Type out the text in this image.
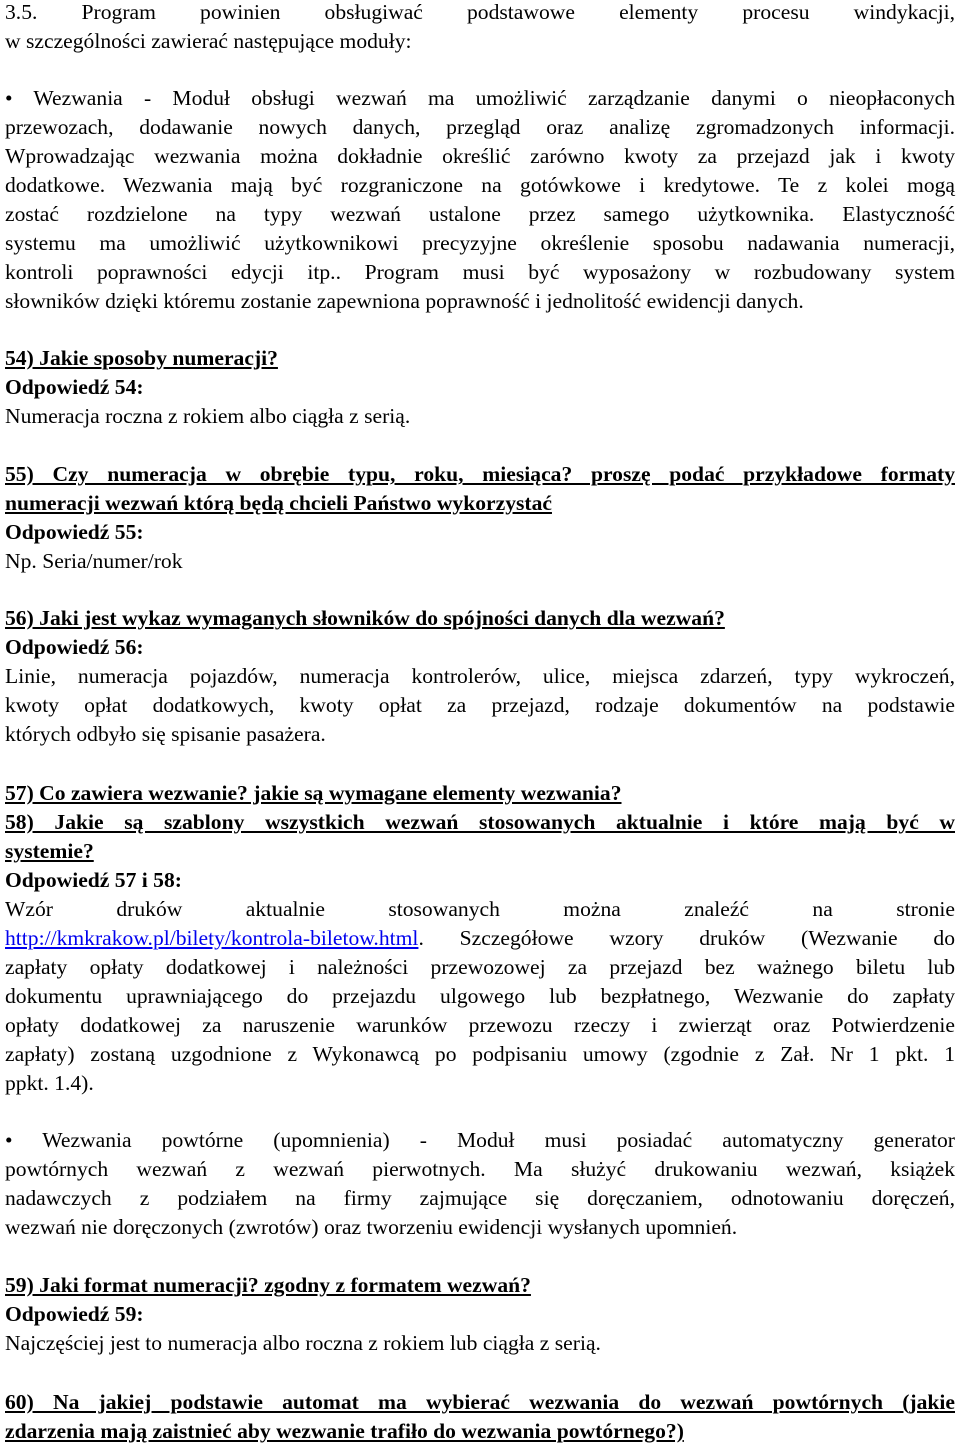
3.5. Program powinien obsługiwać podstawowe elementy procesu windykacji,
w szczególności zawierać następujące moduły:
• Wezwania - Moduł obsługi wezwań ma umożliwić zarządzanie danymi o nieopłaconych
przewozach, dodawanie nowych danych, przegląd oraz analizę zgromadzonych informacji.
Wprowadzając wezwania można dokładnie określić zarówno kwoty za przejazd jak i kwoty
dodatkowe. Wezwania mają być rozgraniczone na gotówkowe i kredytowe. Te z kolei mogą
zostać rozdzielone na typy wezwań ustalone przez samego użytkownika. Elastyczność
systemu ma umożliwić użytkownikowi precyzyjne określenie sposobu nadawania numeracji,
kontroli poprawności edycji itp.. Program musi być wyposażony w rozbudowany system
słowników dzięki któremu zostanie zapewniona poprawność i jednolitość ewidencji danych.
54) Jakie sposoby numeracji?
Odpowiedź 54:
Numeracja roczna z rokiem albo ciągła z serią.
55) Czy numeracja w obrębie typu, roku, miesiąca? proszę podać przykładowe formaty
numeracji wezwań którą będą chcieli Państwo wykorzystać
Odpowiedź 55:
Np. Seria/numer/rok
56) Jaki jest wykaz wymaganych słowników do spójności danych dla wezwań?
Odpowiedź 56:
Linie, numeracja pojazdów, numeracja kontrolerów, ulice, miejsca zdarzeń, typy wykroczeń,
kwoty opłat dodatkowych, kwoty opłat za przejazd, rodzaje dokumentów na podstawie
których odbyło się spisanie pasażera.
57) Co zawiera wezwanie? jakie są wymagane elementy wezwania?
58) Jakie są szablony wszystkich wezwań stosowanych aktualnie i które mają być w
systemie?
Odpowiedź 57 i 58:
Wzór druków aktualnie stosowanych można znaleźć na stronie
http://kmkrakow.pl/bilety/kontrola-biletow.html. Szczegółowe wzory druków (Wezwanie do
zapłaty opłaty dodatkowej i należności przewozowej za przejazd bez ważnego biletu lub
dokumentu uprawniającego do przejazdu ulgowego lub bezpłatnego, Wezwanie do zapłaty
opłaty dodatkowej za naruszenie warunków przewozu rzeczy i zwierząt oraz Potwierdzenie
zapłaty) zostaną uzgodnione z Wykonawcą po podpisaniu umowy (zgodnie z Zał. Nr 1 pkt. 1
ppkt. 1.4).
• Wezwania powtórne (upomnienia) - Moduł musi posiadać automatyczny generator
powtórnych wezwań z wezwań pierwotnych. Ma służyć drukowaniu wezwań, książek
nadawczych z podziałem na firmy zajmujące się doręczaniem, odnotowaniu doręczeń,
wezwań nie doręczonych (zwrotów) oraz tworzeniu ewidencji wysłanych upomnień.
59) Jaki format numeracji? zgodny z formatem wezwań?
Odpowiedź 59:
Najczęściej jest to numeracja albo roczna z rokiem lub ciągła z serią.
60) Na jakiej podstawie automat ma wybierać wezwania do wezwań powtórnych (jakie
zdarzenia mają zaistnieć aby wezwanie trafiło do wezwania powtórnego?)
